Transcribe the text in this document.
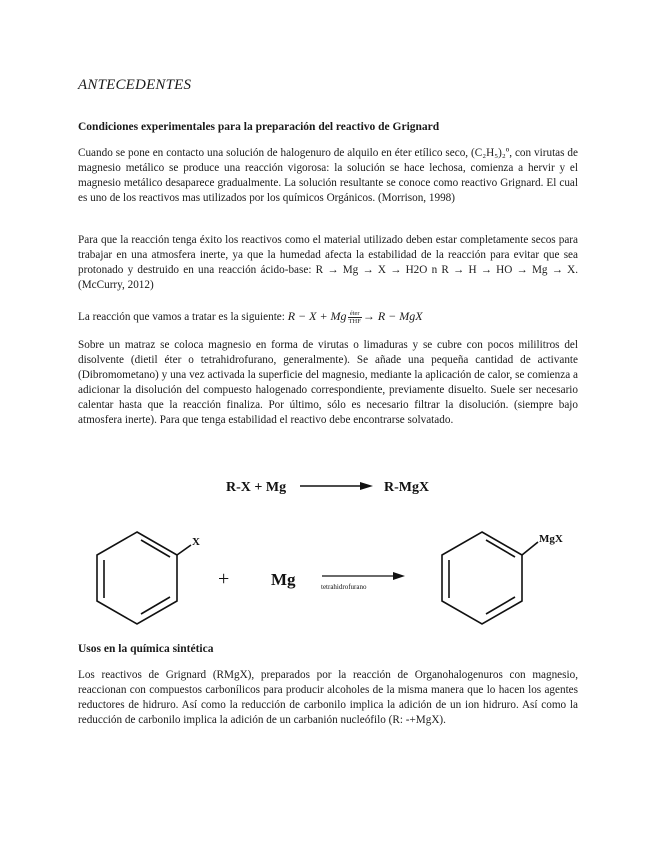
ANTECEDENTES
Condiciones experimentales para la preparación del reactivo de Grignard
Cuando se pone en contacto una solución de halogenuro de alquilo en éter etílico seco, (C₂H₅)₂º, con virutas de magnesio metálico se produce una reacción vigorosa: la solución se hace lechosa, comienza a hervir y el magnesio metálico desaparece gradualmente. La solución resultante se conoce como reactivo Grignard. El cual es uno de los reactivos mas utilizados por los químicos Orgánicos. (Morrison, 1998)
Para que la reacción tenga éxito los reactivos como el material utilizado deben estar completamente secos para trabajar en una atmosfera inerte, ya que la humedad afecta la estabilidad de la reacción para evitar que sea protonado y destruido en una reacción ácido-base: R → Mg → X → H2O n R → H → HO → Mg → X. (McCurry, 2012)
La reacción que vamos a tratar es la siguiente: R − X + Mg $\frac{\text{éter}}{\text{THF}} \to R$ − MgX
Sobre un matraz se coloca magnesio en forma de virutas o limaduras y se cubre con pocos mililitros del disolvente (dietil éter o tetrahidrofurano, generalmente). Se añade una pequeña cantidad de activante (Dibromometano) y una vez activada la superficie del magnesio, mediante la aplicación de calor, se comienza a adicionar la disolución del compuesto halogenado correspondiente, previamente disuelto. Suele ser necesario calentar hasta que la reacción finaliza. Por último, sólo es necesario filtrar la disolución. (siempre bajo atmosfera inerte). Para que tenga estabilidad el reactivo debe encontrarse solvatado.
R-X + Mg	R-MgX
X
+ Mg	tetrahidrofurano
MgX
Usos en la química sintética
Los reactivos de Grignard (RMgX), preparados por la reacción de Organohalogenuros con magnesio, reaccionan con compuestos carbonílicos para producir alcoholes de la misma manera que lo hacen los agentes reductores de hidruro. Así como la reducción de carbonilo implica la adición de un ion hidruro. Así como la reducción de carbonilo implica la adición de un carbanión nucleófilo (R: -+MgX).
